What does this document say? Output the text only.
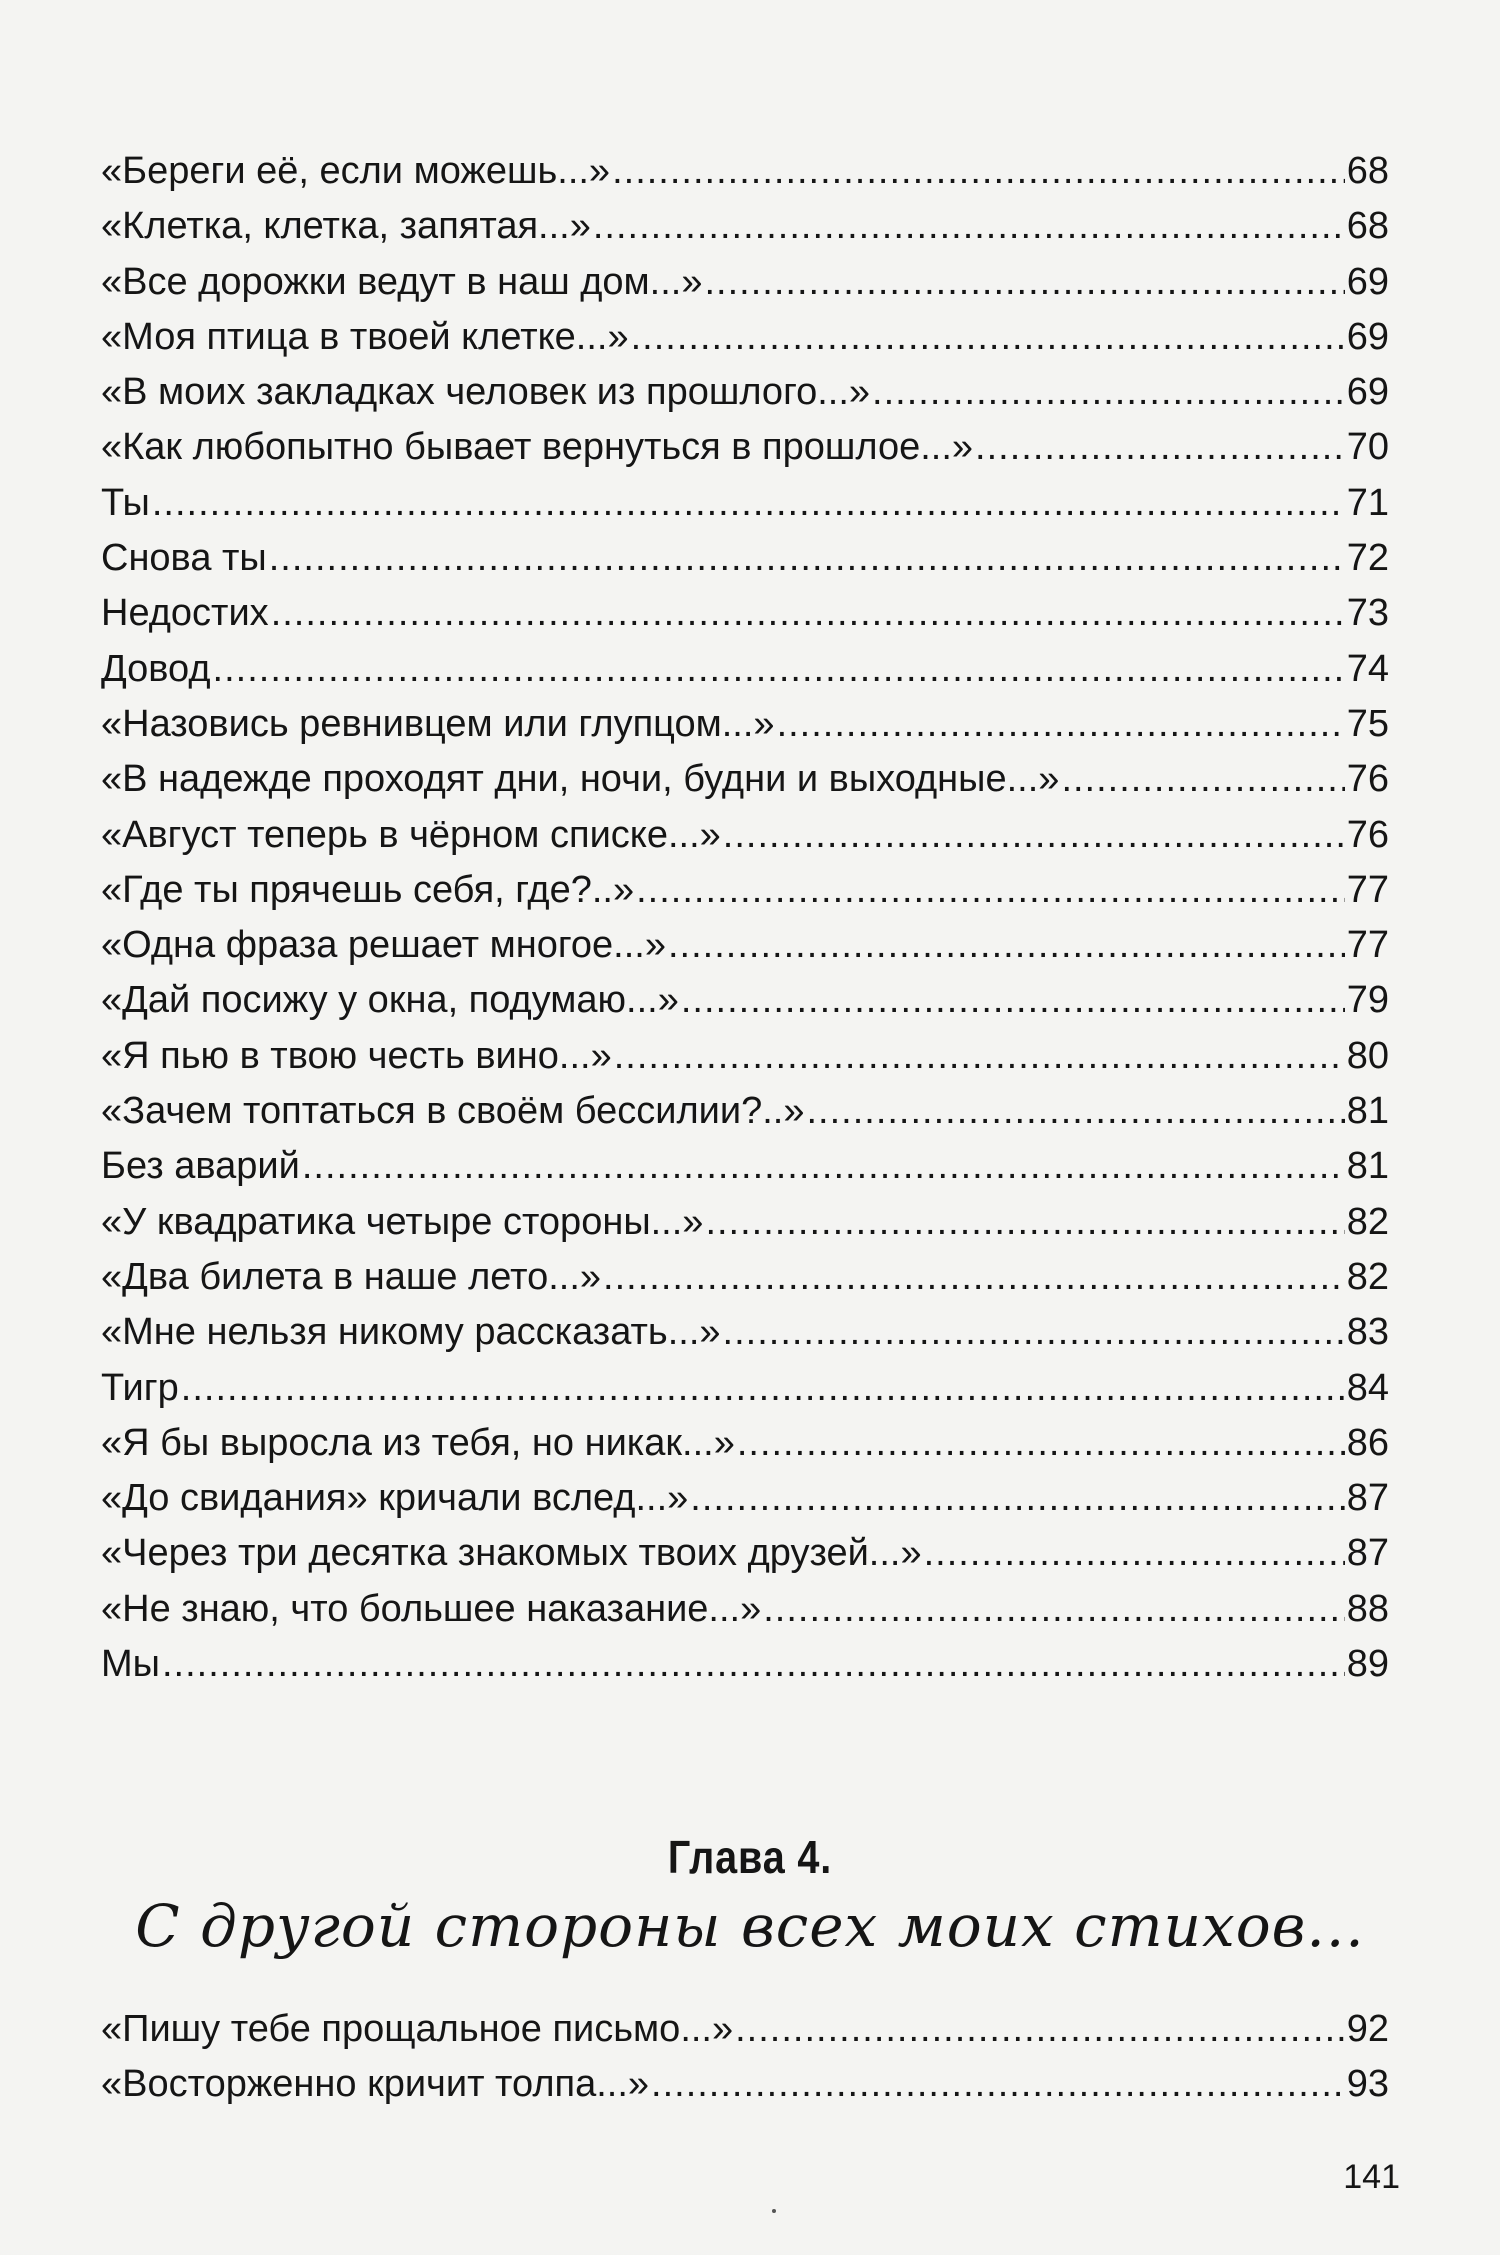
«Береги её, если можешь...» .....	68
«Клетка, клетка, запятая...» .....	68
«Все дорожки ведут в наш дом...» .....	69
«Моя птица в твоей клетке...» .....	69
«В моих закладках человек из прошлого...» .....	69
«Как любопытно бывает вернуться в прошлое...» .....	70
Ты .....	71
Снова ты .....	72
Недостих .....	73
Довод .....	74
«Назовись ревнивцем или глупцом...» .....	75
«В надежде проходят дни, ночи, будни и выходные...» .....	76
«Август теперь в чёрном списке...» .....	76
«Где ты прячешь себя, где?..» .....	77
«Одна фраза решает многое...» .....	77
«Дай посижу у окна, подумаю...» .....	79
«Я пью в твою честь вино...» .....	80
«Зачем топтаться в своём бессилии?..» .....	81
Без аварий .....	81
«У квадратика четыре стороны...» .....	82
«Два билета в наше лето...» .....	82
«Мне нельзя никому рассказать...» .....	83
Тигр .....	84
«Я бы выросла из тебя, но никак...» .....	86
«До свидания» кричали вслед...» .....	87
«Через три десятка знакомых твоих друзей...» .....	87
«Не знаю, что большее наказание...» .....	88
Мы .....	89
Глава 4.
С другой стороны всех моих стихов...
«Пишу тебе прощальное письмо...» .....	92
«Восторженно кричит толпа...» .....	93
141
